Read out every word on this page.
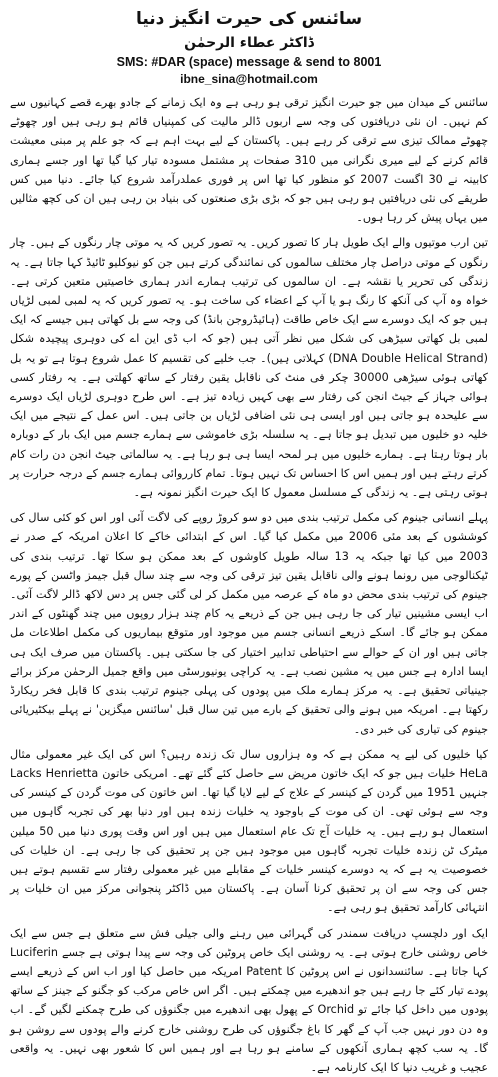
سائنس کی حیرت انگیز دنیا
ڈاکٹر عطاء الرحمٰن
SMS: #DAR (space) message & send to 8001
ibne_sina@hotmail.com

سائنس کے میدان میں جو حیرت انگیز ترقی ہو رہی ہے وہ ایک زمانے کے جادو بھرے قصے کہانیوں سے کم نہیں۔ ان نئی دریافتوں کی وجہ سے اربوں ڈالر مالیت کی کمپنیاں قائم ہو رہی ہیں اور چھوٹے چھوٹے ممالک تیزی سے ترقی کر رہے ہیں۔ پاکستان کے لیے بہت اہم ہے کہ جو علم پر مبنی معیشت قائم کرنے کے لیے میری نگرانی میں 310 صفحات پر مشتمل مسودہ تیار کیا گیا تھا اور جسے ہماری کابینہ نے 30 اگست 2007 کو منظور کیا تھا اس پر فوری عملدرآمد شروع کیا جائے۔ دنیا میں کس طریقے کی نئی دریافتیں ہو رہی ہیں جو کہ بڑی بڑی صنعتوں کی بنیاد بن رہی ہیں ان کی کچھ مثالیں میں یہاں پیش کر رہا ہوں۔

تین ارب موتیوں والے ایک طویل ہار کا تصور کریں۔ یہ تصور کریں کہ یہ موتی چار رنگوں کے ہیں۔ چار رنگوں کے موتی دراصل چار مختلف سالموں کی نمائندگی کرتے ہیں جن کو نیوکلیو ٹائیڈ کہا جاتا ہے۔ یہ زندگی کی تحریر یا نقشہ ہے۔ ان سالموں کی ترتیب ہمارے اندر ہماری خاصیتیں متعین کرتی ہے۔ خواہ وہ آپ کی آنکھ کا رنگ ہو یا آپ کے اعضاء کی ساخت ہو۔ یہ تصور کریں کہ یہ لمبی لمبی لڑیاں ہیں جو کہ ایک دوسرے سے ایک خاص طاقت (ہائیڈروجن بانڈ) کی وجہ سے بل کھاتی ہیں جیسے کہ ایک لمبی بل کھاتی سیڑھی کی شکل میں نظر آتی ہیں (جو کہ اب ڈی این اے کی دوہری پیچیدہ شکل (DNA Double Helical Strand) کہلاتی ہیں)۔ جب خلیے کی تقسیم کا عمل شروع ہوتا ہے تو یہ بل کھاتی ہوئی سیڑھی 30000 چکر فی منٹ کی ناقابل یقین رفتار کے ساتھ کھلتی ہے۔ یہ رفتار کسی ہوائی جہاز کے جیٹ انجن کی رفتار سے بھی کہیں زیادہ تیز ہے۔ اس طرح دوہری لڑیاں ایک دوسرے سے علیحدہ ہو جاتی ہیں اور ایسی ہی نئی اضافی لڑیاں بن جاتی ہیں۔ اس عمل کے نتیجے میں ایک خلیہ دو خلیوں میں تبدیل ہو جاتا ہے۔ یہ سلسلہ بڑی خاموشی سے ہمارے جسم میں ایک بار کے دوبارہ بار ہوتا رہتا ہے۔ ہمارے خلیوں میں ہر لمحہ ایسا ہی ہو رہا ہے۔ یہ سالماتی جیٹ انجن دن رات کام کرتے رہتے ہیں اور ہمیں اس کا احساس تک نہیں ہوتا۔ تمام کارروائی ہمارے جسم کے درجہ حرارت پر ہوتی رہتی ہے۔ یہ زندگی کے مسلسل معمول کا ایک حیرت انگیز نمونہ ہے۔

پہلے انسانی جینوم کی مکمل ترتیب بندی میں دو سو کروڑ روپے کی لاگت آئی اور اس کو کئی سال کی کوششوں کے بعد مئی 2006 میں مکمل کیا گیا۔ اس کے ابتدائی خاکے کا اعلان امریکہ کے صدر نے 2003 میں کیا تھا جبکہ یہ 13 سالہ طویل کاوشوں کے بعد ممکن ہو سکا تھا۔ ترتیب بندی کی ٹیکنالوجی میں رونما ہونے والی ناقابل یقین تیز ترقی کی وجہ سے چند سال قبل جیمز واٹسن کے پورے جینوم کی ترتیب بندی محض دو ماہ کے عرصہ میں مکمل کر لی گئی جس پر دس لاکھ ڈالر لاگت آئی۔ اب ایسی مشینیں تیار کی جا رہی ہیں جن کے ذریعے یہ کام چند ہزار روپوں میں چند گھنٹوں کے اندر ممکن ہو جائے گا۔ اسکے ذریعے انسانی جسم میں موجود اور متوقع بیماریوں کی مکمل اطلاعات مل جاتی ہیں اور ان کے حوالے سے احتیاطی تدابیر اختیار کی جا سکتی ہیں۔ پاکستان میں صرف ایک ہی ایسا ادارہ ہے جس میں یہ مشین نصب ہے۔ یہ کراچی یونیورسٹی میں واقع جمیل الرحمٰن مرکز برائے جینیاتی تحقیق ہے۔ یہ مرکز ہمارے ملک میں پودوں کی پہلی جینوم ترتیب بندی کا قابل فخر ریکارڈ رکھتا ہے۔ امریکہ میں ہونے والی تحقیق کے بارے میں تین سال قبل 'سائنس میگزین' نے پہلے بیکٹیریائی جینوم کی تیاری کی خبر دی۔

کیا خلیوں کی لیے یہ ممکن ہے کہ وہ ہزاروں سال تک زندہ رہیں؟ اس کی ایک غیر معمولی مثال HeLa خلیات ہیں جو کہ ایک خاتون مریض سے حاصل کئے گئے تھے۔ امریکی خاتون Lacks Henrietta جنہیں 1951 میں گردن کے کینسر کے علاج کے لیے لایا گیا تھا۔ اس خاتون کی موت گردن کے کینسر کی وجہ سے ہوئی تھی۔ ان کی موت کے باوجود یہ خلیات زندہ ہیں اور دنیا بھر کی تجربہ گاہوں میں استعمال ہو رہے ہیں۔ یہ خلیات آج تک عام استعمال میں ہیں اور اس وقت پوری دنیا میں 50 میلین میٹرک ٹن زندہ خلیات تجربہ گاہوں میں موجود ہیں جن پر تحقیق کی جا رہی ہے۔ ان خلیات کی خصوصیت یہ ہے کہ یہ دوسرے کینسر خلیات کے مقابلے میں غیر معمولی رفتار سے تقسیم ہوتے ہیں جس کی وجہ سے ان پر تحقیق کرنا آسان ہے۔ پاکستان میں ڈاکٹر پنجوانی مرکز میں ان خلیات پر انتہائی کارآمد تحقیق ہو رہی ہے۔

ایک اور دلچسپ دریافت سمندر کی گہرائی میں رہنے والی جیلی فش سے متعلق ہے جس سے ایک خاص روشنی خارج ہوتی ہے۔ یہ روشنی ایک خاص پروٹین کی وجہ سے پیدا ہوتی ہے جسے Luciferin کہا جاتا ہے۔ سائنسدانوں نے اس پروٹین کا Patent امریکہ میں حاصل کیا اور اب اس کے ذریعے ایسے پودے تیار کئے جا رہے ہیں جو اندھیرے میں چمکتے ہیں۔ اگر اس خاص مرکب کو جگنو کے جینز کے ساتھ پودوں میں داخل کیا جائے تو Orchid کے پھول بھی اندھیرے میں جگنوؤں کی طرح چمکنے لگیں گے۔ اب وہ دن دور نہیں جب آپ کے گھر کا باغ جگنوؤں کی طرح روشنی خارج کرنے والے پودوں سے روشن ہو گا۔ یہ سب کچھ ہماری آنکھوں کے سامنے ہو رہا ہے اور ہمیں اس کا شعور بھی نہیں۔ یہ واقعی عجیب و غریب دنیا کا ایک کارنامہ ہے۔
